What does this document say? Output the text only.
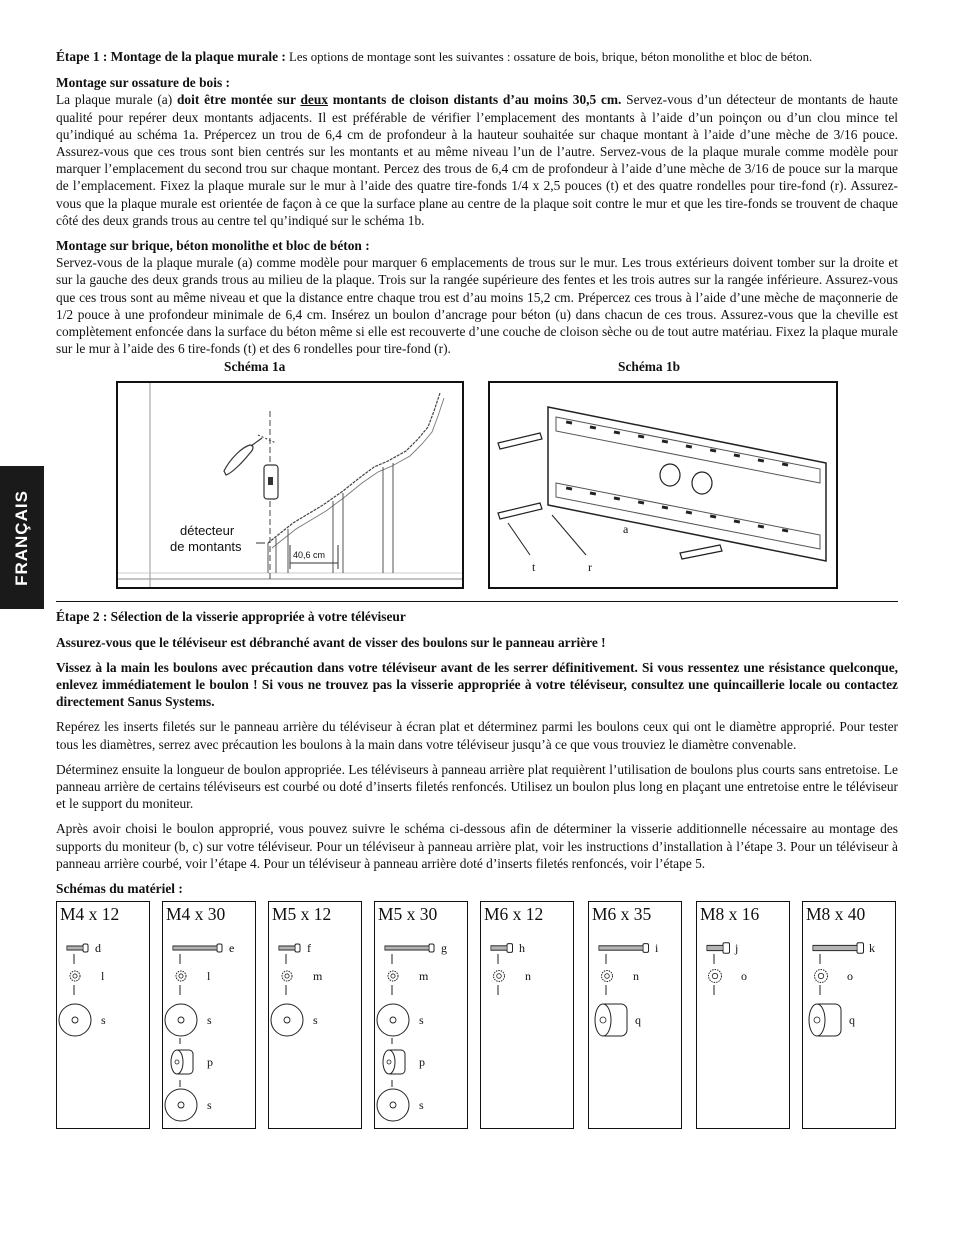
FRANÇAIS

Étape 1 : Montage de la plaque murale : Les options de montage sont les suivantes : ossature de bois, brique, béton monolithe et bloc de béton.

Montage sur ossature de bois :

La plaque murale (a) doit être montée sur deux montants de cloison distants d’au moins 30,5 cm. Servez-vous d’un détecteur de montants de haute qualité pour repérer deux montants adjacents. Il est préférable de vérifier l’emplacement des montants à l’aide d’un poinçon ou d’un clou mince tel qu’indiqué au schéma 1a. Prépercez un trou de 6,4 cm de profondeur à la hauteur souhaitée sur chaque montant à l’aide d’une mèche de 3/16 pouce. Assurez-vous que ces trous sont bien centrés sur les montants et au même niveau l’un de l’autre. Servez-vous de la plaque murale comme modèle pour marquer l’emplacement du second trou sur chaque montant. Percez des trous de 6,4 cm de profondeur à l’aide d’une mèche de 3/16 de pouce sur la marque de l’emplacement. Fixez la plaque murale sur le mur à l’aide des quatre tire-fonds 1/4 x 2,5 pouces (t) et des quatre rondelles pour tire-fond (r). Assurez-vous que la plaque murale est orientée de façon à ce que la surface plane au centre de la plaque soit contre le mur et que les tire-fonds se trouvent de chaque côté des deux grands trous au centre tel qu’indiqué sur le schéma 1b.

Montage sur brique, béton monolithe et bloc de béton :

Servez-vous de la plaque murale (a) comme modèle pour marquer 6 emplacements de trous sur le mur. Les trous extérieurs doivent tomber sur la droite et sur la gauche des deux grands trous au milieu de la plaque. Trois sur la rangée supérieure des fentes et les trois autres sur la rangée inférieure. Assurez-vous que ces trous sont au même niveau et que la distance entre chaque trou est d’au moins 15,2 cm. Prépercez ces trous à l’aide d’une mèche de maçonnerie de 1/2 pouce à une profondeur minimale de 6,4 cm. Insérez un boulon d’ancrage pour béton (u) dans chacun de ces trous. Assurez-vous que la cheville est complètement enfoncée dans la surface du béton même si elle est recouverte d’une couche de cloison sèche ou de tout autre matériau. Fixez la plaque murale sur le mur à l’aide des 6 tire-fonds (t) et des 6 rondelles pour tire-fond (r).

Schéma 1a	Schéma 1b
détecteur
de montants
40,6 cm
a
t	r

Étape 2 : Sélection de la visserie appropriée à votre téléviseur

Assurez-vous que le téléviseur est débranché avant de visser des boulons sur le panneau arrière !

Vissez à la main les boulons avec précaution dans votre téléviseur avant de les serrer définitivement. Si vous ressentez une résistance quelconque, enlevez immédiatement le boulon ! Si vous ne trouvez pas la visserie appropriée à votre téléviseur, consultez une quincaillerie locale ou contactez directement Sanus Systems.

Repérez les inserts filetés sur le panneau arrière du téléviseur à écran plat et déterminez parmi les boulons ceux qui ont le diamètre approprié. Pour tester tous les diamètres, serrez avec précaution les boulons à la main dans votre téléviseur jusqu’à ce que vous trouviez le diamètre convenable.

Déterminez ensuite la longueur de boulon appropriée. Les téléviseurs à panneau arrière plat requièrent l’utilisation de boulons plus courts sans entretoise. Le panneau arrière de certains téléviseurs est courbé ou doté d’inserts filetés renfoncés. Utilisez un boulon plus long en plaçant une entretoise entre le téléviseur et le support du moniteur.

Après avoir choisi le boulon approprié, vous pouvez suivre le schéma ci-dessous afin de déterminer la visserie additionnelle nécessaire au montage des supports du moniteur (b, c) sur votre téléviseur. Pour un téléviseur à panneau arrière plat, voir les instructions d’installation à l’étape 3. Pour un téléviseur à panneau arrière courbé, voir l’étape 4. Pour un téléviseur à panneau arrière doté d’inserts filetés renfoncés, voir l’étape 5.

Schémas du matériel :

M4 x 12
d
l
s
M4 x 30
e
l
s
p
s
M5 x 12
f
m
s
M5 x 30
g
m
s
p
s
M6 x 12
h
n
M6 x 35
i
n
q
M8 x 16
j
o
M8 x 40
k
o
q
